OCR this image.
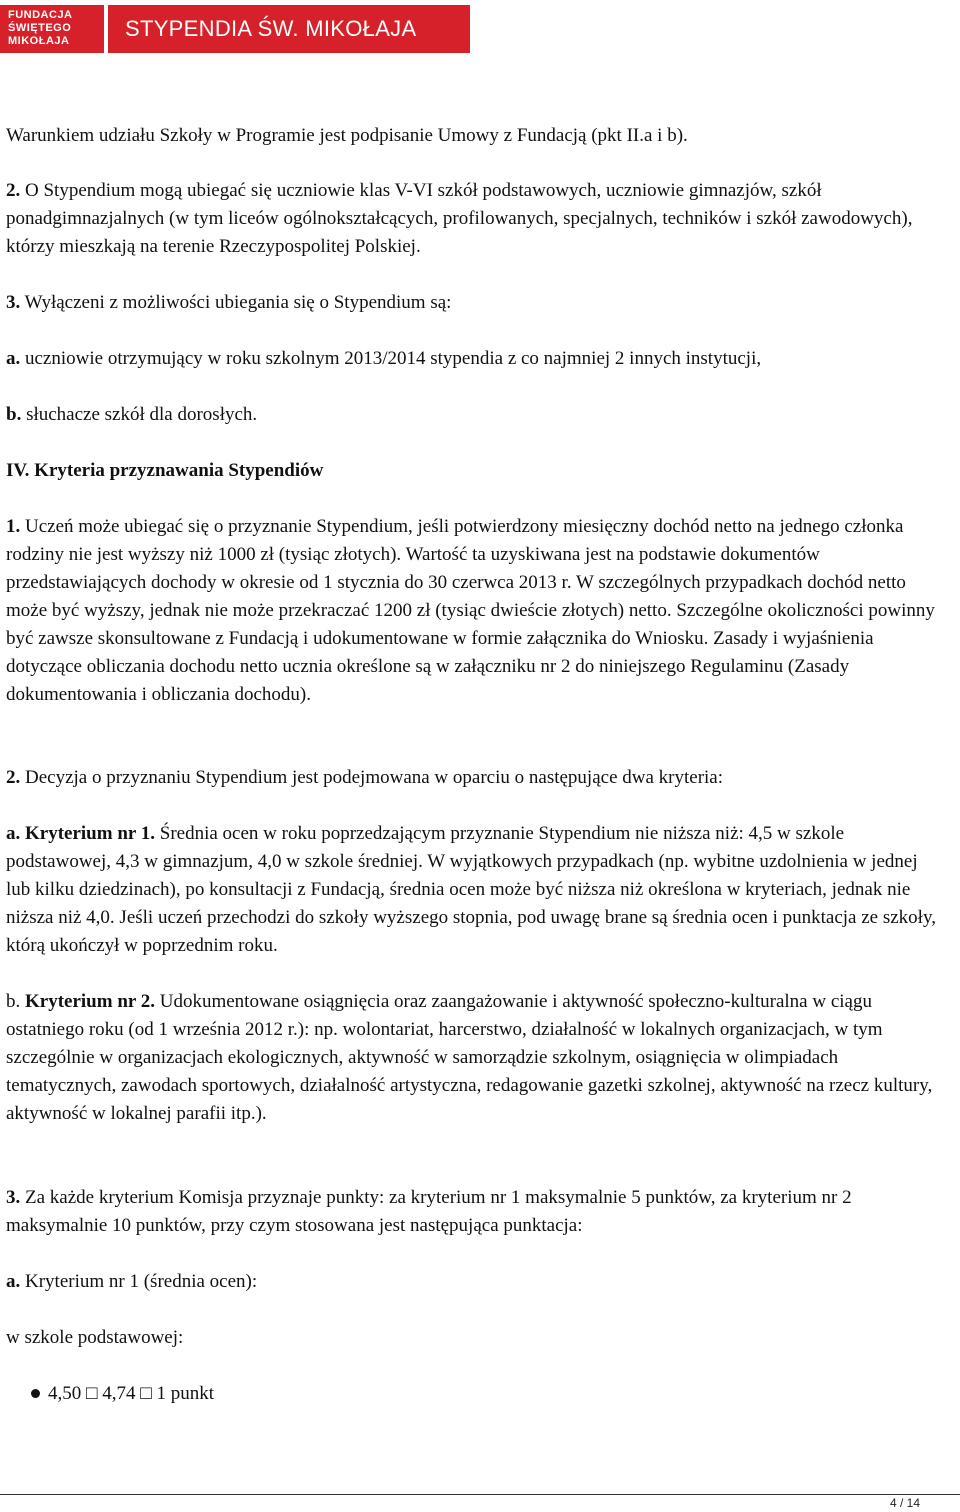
FUNDACJA
ŚWIĘTEGO
MIKOŁAJA	STYPENDIA ŚW. MIKOŁAJA

Warunkiem udziału Szkoły w Programie jest podpisanie Umowy z Fundacją (pkt II.a i b).

2. O Stypendium mogą ubiegać się uczniowie klas V-VI szkół podstawowych, uczniowie gimnazjów, szkół ponadgimnazjalnych (w tym liceów ogólnokształcących, profilowanych, specjalnych, techników i szkół zawodowych), którzy mieszkają na terenie Rzeczypospolitej Polskiej.

3. Wyłączeni z możliwości ubiegania się o Stypendium są:

a. uczniowie otrzymujący w roku szkolnym 2013/2014 stypendia z co najmniej 2 innych instytucji,

b. słuchacze szkół dla dorosłych.

IV. Kryteria przyznawania Stypendiów

1. Uczeń może ubiegać się o przyznanie Stypendium, jeśli potwierdzony miesięczny dochód netto na jednego członka rodziny nie jest wyższy niż 1000 zł (tysiąc złotych). Wartość ta uzyskiwana jest na podstawie dokumentów przedstawiających dochody w okresie od 1 stycznia do 30 czerwca 2013 r. W szczególnych przypadkach dochód netto może być wyższy, jednak nie może przekraczać 1200 zł (tysiąc dwieście złotych) netto. Szczególne okoliczności powinny być zawsze skonsultowane z Fundacją i udokumentowane w formie załącznika do Wniosku. Zasady i wyjaśnienia dotyczące obliczania dochodu netto ucznia określone są w załączniku nr 2 do niniejszego Regulaminu (Zasady dokumentowania i obliczania dochodu).

2. Decyzja o przyznaniu Stypendium jest podejmowana w oparciu o następujące dwa kryteria:

a. Kryterium nr 1. Średnia ocen w roku poprzedzającym przyznanie Stypendium nie niższa niż: 4,5 w szkole podstawowej, 4,3 w gimnazjum, 4,0 w szkole średniej. W wyjątkowych przypadkach (np. wybitne uzdolnienia w jednej lub kilku dziedzinach), po konsultacji z Fundacją, średnia ocen może być niższa niż określona w kryteriach, jednak nie niższa niż 4,0. Jeśli uczeń przechodzi do szkoły wyższego stopnia, pod uwagę brane są średnia ocen i punktacja ze szkoły, którą ukończył w poprzednim roku.

b. Kryterium nr 2. Udokumentowane osiągnięcia oraz zaangażowanie i aktywność społeczno-kulturalna w ciągu ostatniego roku (od 1 września 2012 r.): np. wolontariat, harcerstwo, działalność w lokalnych organizacjach, w tym szczególnie w organizacjach ekologicznych, aktywność w samorządzie szkolnym, osiągnięcia w olimpiadach tematycznych, zawodach sportowych, działalność artystyczna, redagowanie gazetki szkolnej, aktywność na rzecz kultury, aktywność w lokalnej parafii itp.).

3. Za każde kryterium Komisja przyznaje punkty: za kryterium nr 1 maksymalnie 5 punktów, za kryterium nr 2 maksymalnie 10 punktów, przy czym stosowana jest następująca punktacja:

a. Kryterium nr 1 (średnia ocen):

w szkole podstawowej:

4,50 □ 4,74 □ 1 punkt

4 / 14
